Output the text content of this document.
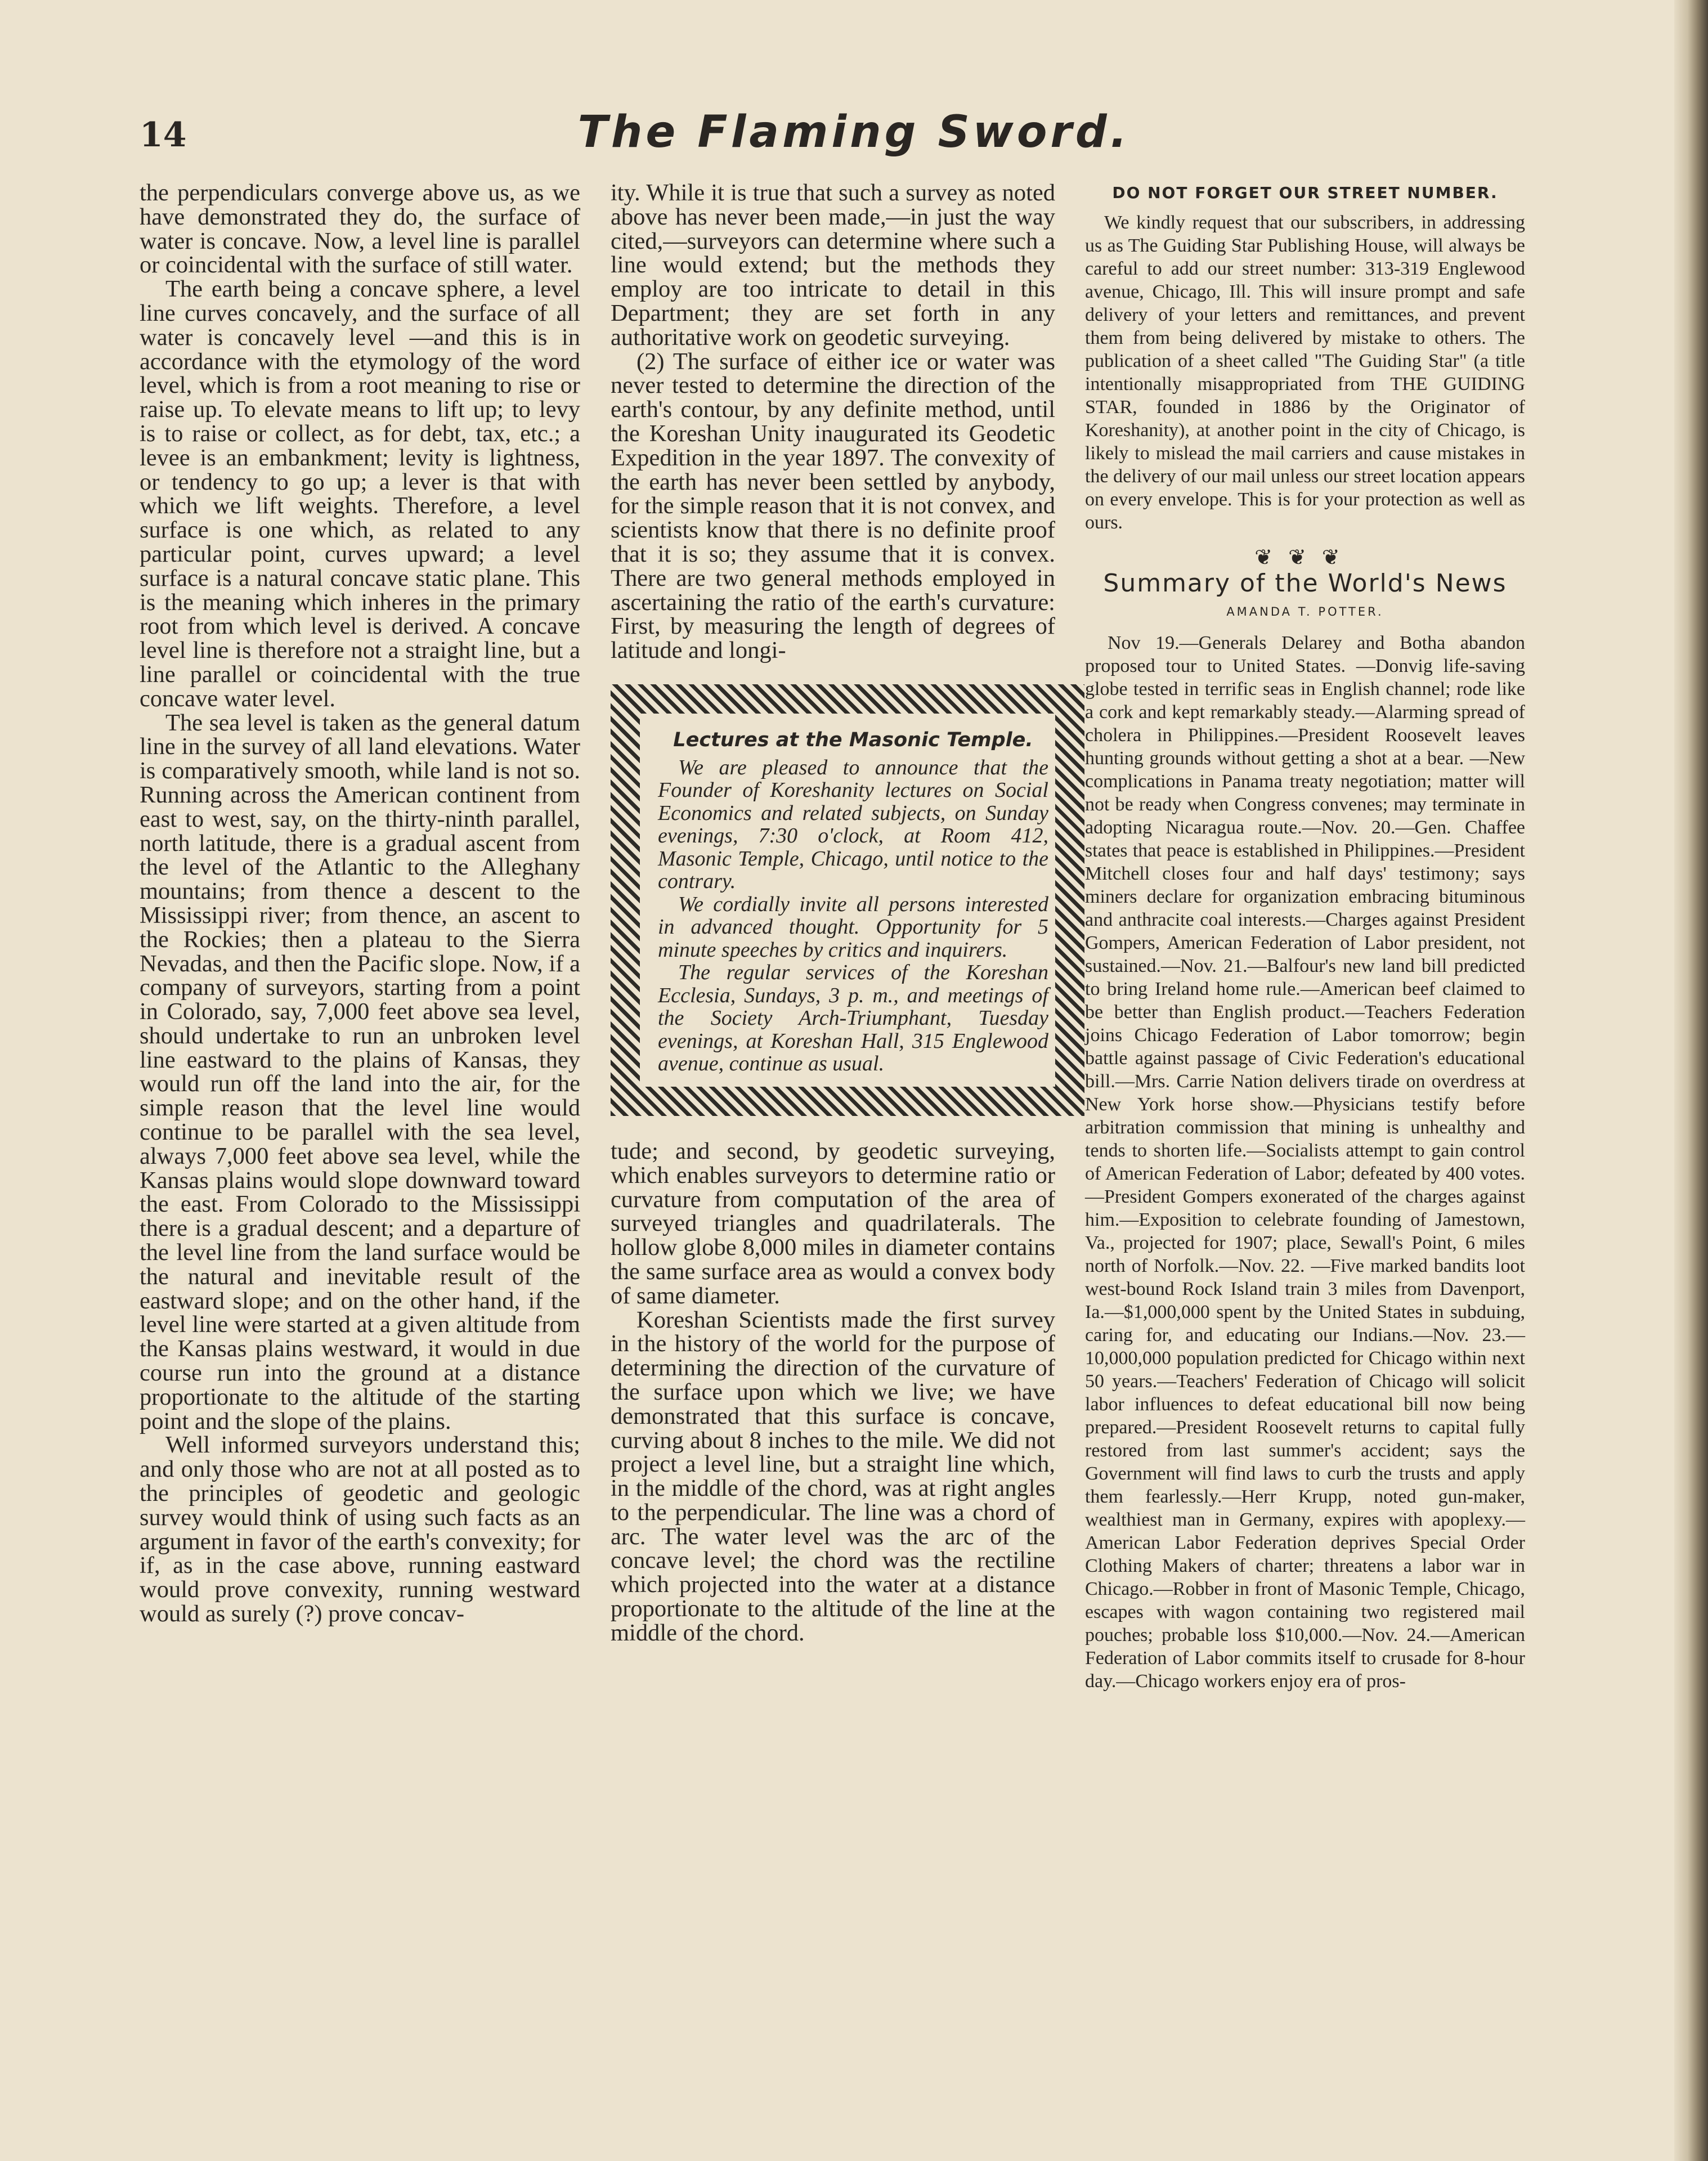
14	The Flaming Sword.

the perpendiculars converge above us, as we have demonstrated they do, the surface of water is concave. Now, a level line is parallel or coincidental with the surface of still water.

The earth being a concave sphere, a level line curves concavely, and the surface of all water is concavely level —and this is in accordance with the etymology of the word level, which is from a root meaning to rise or raise up. To elevate means to lift up; to levy is to raise or collect, as for debt, tax, etc.; a levee is an embankment; levity is lightness, or tendency to go up; a lever is that with which we lift weights. Therefore, a level surface is one which, as related to any particular point, curves upward; a level surface is a natural concave static plane. This is the meaning which inheres in the primary root from which level is derived. A concave level line is therefore not a straight line, but a line parallel or coincidental with the true concave water level.

The sea level is taken as the general datum line in the survey of all land elevations. Water is comparatively smooth, while land is not so. Running across the American continent from east to west, say, on the thirty-ninth parallel, north latitude, there is a gradual ascent from the level of the Atlantic to the Alleghany mountains; from thence a descent to the Mississippi river; from thence, an ascent to the Rockies; then a plateau to the Sierra Nevadas, and then the Pacific slope. Now, if a company of surveyors, starting from a point in Colorado, say, 7,000 feet above sea level, should undertake to run an unbroken level line eastward to the plains of Kansas, they would run off the land into the air, for the simple reason that the level line would continue to be parallel with the sea level, always 7,000 feet above sea level, while the Kansas plains would slope downward toward the east. From Colorado to the Mississippi there is a gradual descent; and a departure of the level line from the land surface would be the natural and inevitable result of the eastward slope; and on the other hand, if the level line were started at a given altitude from the Kansas plains westward, it would in due course run into the ground at a distance proportionate to the altitude of the starting point and the slope of the plains.

Well informed surveyors understand this; and only those who are not at all posted as to the principles of geodetic and geologic survey would think of using such facts as an argument in favor of the earth's convexity; for if, as in the case above, running eastward would prove convexity, running westward would as surely (?) prove concav-

ity. While it is true that such a survey as noted above has never been made,—in just the way cited,—surveyors can determine where such a line would extend; but the methods they employ are too intricate to detail in this Department; they are set forth in any authoritative work on geodetic surveying.

(2) The surface of either ice or water was never tested to determine the direction of the earth's contour, by any definite method, until the Koreshan Unity inaugurated its Geodetic Expedition in the year 1897. The convexity of the earth has never been settled by anybody, for the simple reason that it is not convex, and scientists know that there is no definite proof that it is so; they assume that it is convex. There are two general methods employed in ascertaining the ratio of the earth's curvature: First, by measuring the length of degrees of latitude and longi-

Lectures at the Masonic Temple.

We are pleased to announce that the Founder of Koreshanity lectures on Social Economics and related subjects, on Sunday evenings, 7:30 o'clock, at Room 412, Masonic Temple, Chicago, until notice to the contrary.

We cordially invite all persons interested in advanced thought. Opportunity for 5 minute speeches by critics and inquirers.

The regular services of the Koreshan Ecclesia, Sundays, 3 p. m., and meetings of the Society Arch-Triumphant, Tuesday evenings, at Koreshan Hall, 315 Englewood avenue, continue as usual.

tude; and second, by geodetic surveying, which enables surveyors to determine ratio or curvature from computation of the area of surveyed triangles and quadrilaterals. The hollow globe 8,000 miles in diameter contains the same surface area as would a convex body of same diameter.

Koreshan Scientists made the first survey in the history of the world for the purpose of determining the direction of the curvature of the surface upon which we live; we have demonstrated that this surface is concave, curving about 8 inches to the mile. We did not project a level line, but a straight line which, in the middle of the chord, was at right angles to the perpendicular. The line was a chord of arc. The water level was the arc of the concave level; the chord was the rectiline which projected into the water at a distance proportionate to the altitude of the line at the middle of the chord.

DO NOT FORGET OUR STREET NUMBER.

We kindly request that our subscribers, in addressing us as The Guiding Star Publishing House, will always be careful to add our street number: 313-319 Englewood avenue, Chicago, Ill. This will insure prompt and safe delivery of your letters and remittances, and prevent them from being delivered by mistake to others. The publication of a sheet called "The Guiding Star" (a title intentionally misappropriated from THE GUIDING STAR, founded in 1886 by the Originator of Koreshanity), at another point in the city of Chicago, is likely to mislead the mail carriers and cause mistakes in the delivery of our mail unless our street location appears on every envelope. This is for your protection as well as ours.

❦❦❦
Summary of the World's News
AMANDA T. POTTER.

Nov 19.—Generals Delarey and Botha abandon proposed tour to United States. —Donvig life-saving globe tested in terrific seas in English channel; rode like a cork and kept remarkably steady.—Alarming spread of cholera in Philippines.—President Roosevelt leaves hunting grounds without getting a shot at a bear. —New complications in Panama treaty negotiation; matter will not be ready when Congress convenes; may terminate in adopting Nicaragua route.—Nov. 20.—Gen. Chaffee states that peace is established in Philippines.—President Mitchell closes four and half days' testimony; says miners declare for organization embracing bituminous and anthracite coal interests.—Charges against President Gompers, American Federation of Labor president, not sustained.—Nov. 21.—Balfour's new land bill predicted to bring Ireland home rule.—American beef claimed to be better than English product.—Teachers Federation joins Chicago Federation of Labor tomorrow; begin battle against passage of Civic Federation's educational bill.—Mrs. Carrie Nation delivers tirade on overdress at New York horse show.—Physicians testify before arbitration commission that mining is unhealthy and tends to shorten life.—Socialists attempt to gain control of American Federation of Labor; defeated by 400 votes.—President Gompers exonerated of the charges against him.—Exposition to celebrate founding of Jamestown, Va., projected for 1907; place, Sewall's Point, 6 miles north of Norfolk.—Nov. 22. —Five marked bandits loot west-bound Rock Island train 3 miles from Davenport, Ia.—$1,000,000 spent by the United States in subduing, caring for, and educating our Indians.—Nov. 23.—10,000,000 population predicted for Chicago within next 50 years.—Teachers' Federation of Chicago will solicit labor influences to defeat educational bill now being prepared.—President Roosevelt returns to capital fully restored from last summer's accident; says the Government will find laws to curb the trusts and apply them fearlessly.—Herr Krupp, noted gun-maker, wealthiest man in Germany, expires with apoplexy.—American Labor Federation deprives Special Order Clothing Makers of charter; threatens a labor war in Chicago.—Robber in front of Masonic Temple, Chicago, escapes with wagon containing two registered mail pouches; probable loss $10,000.—Nov. 24.—American Federation of Labor commits itself to crusade for 8-hour day.—Chicago workers enjoy era of pros-
